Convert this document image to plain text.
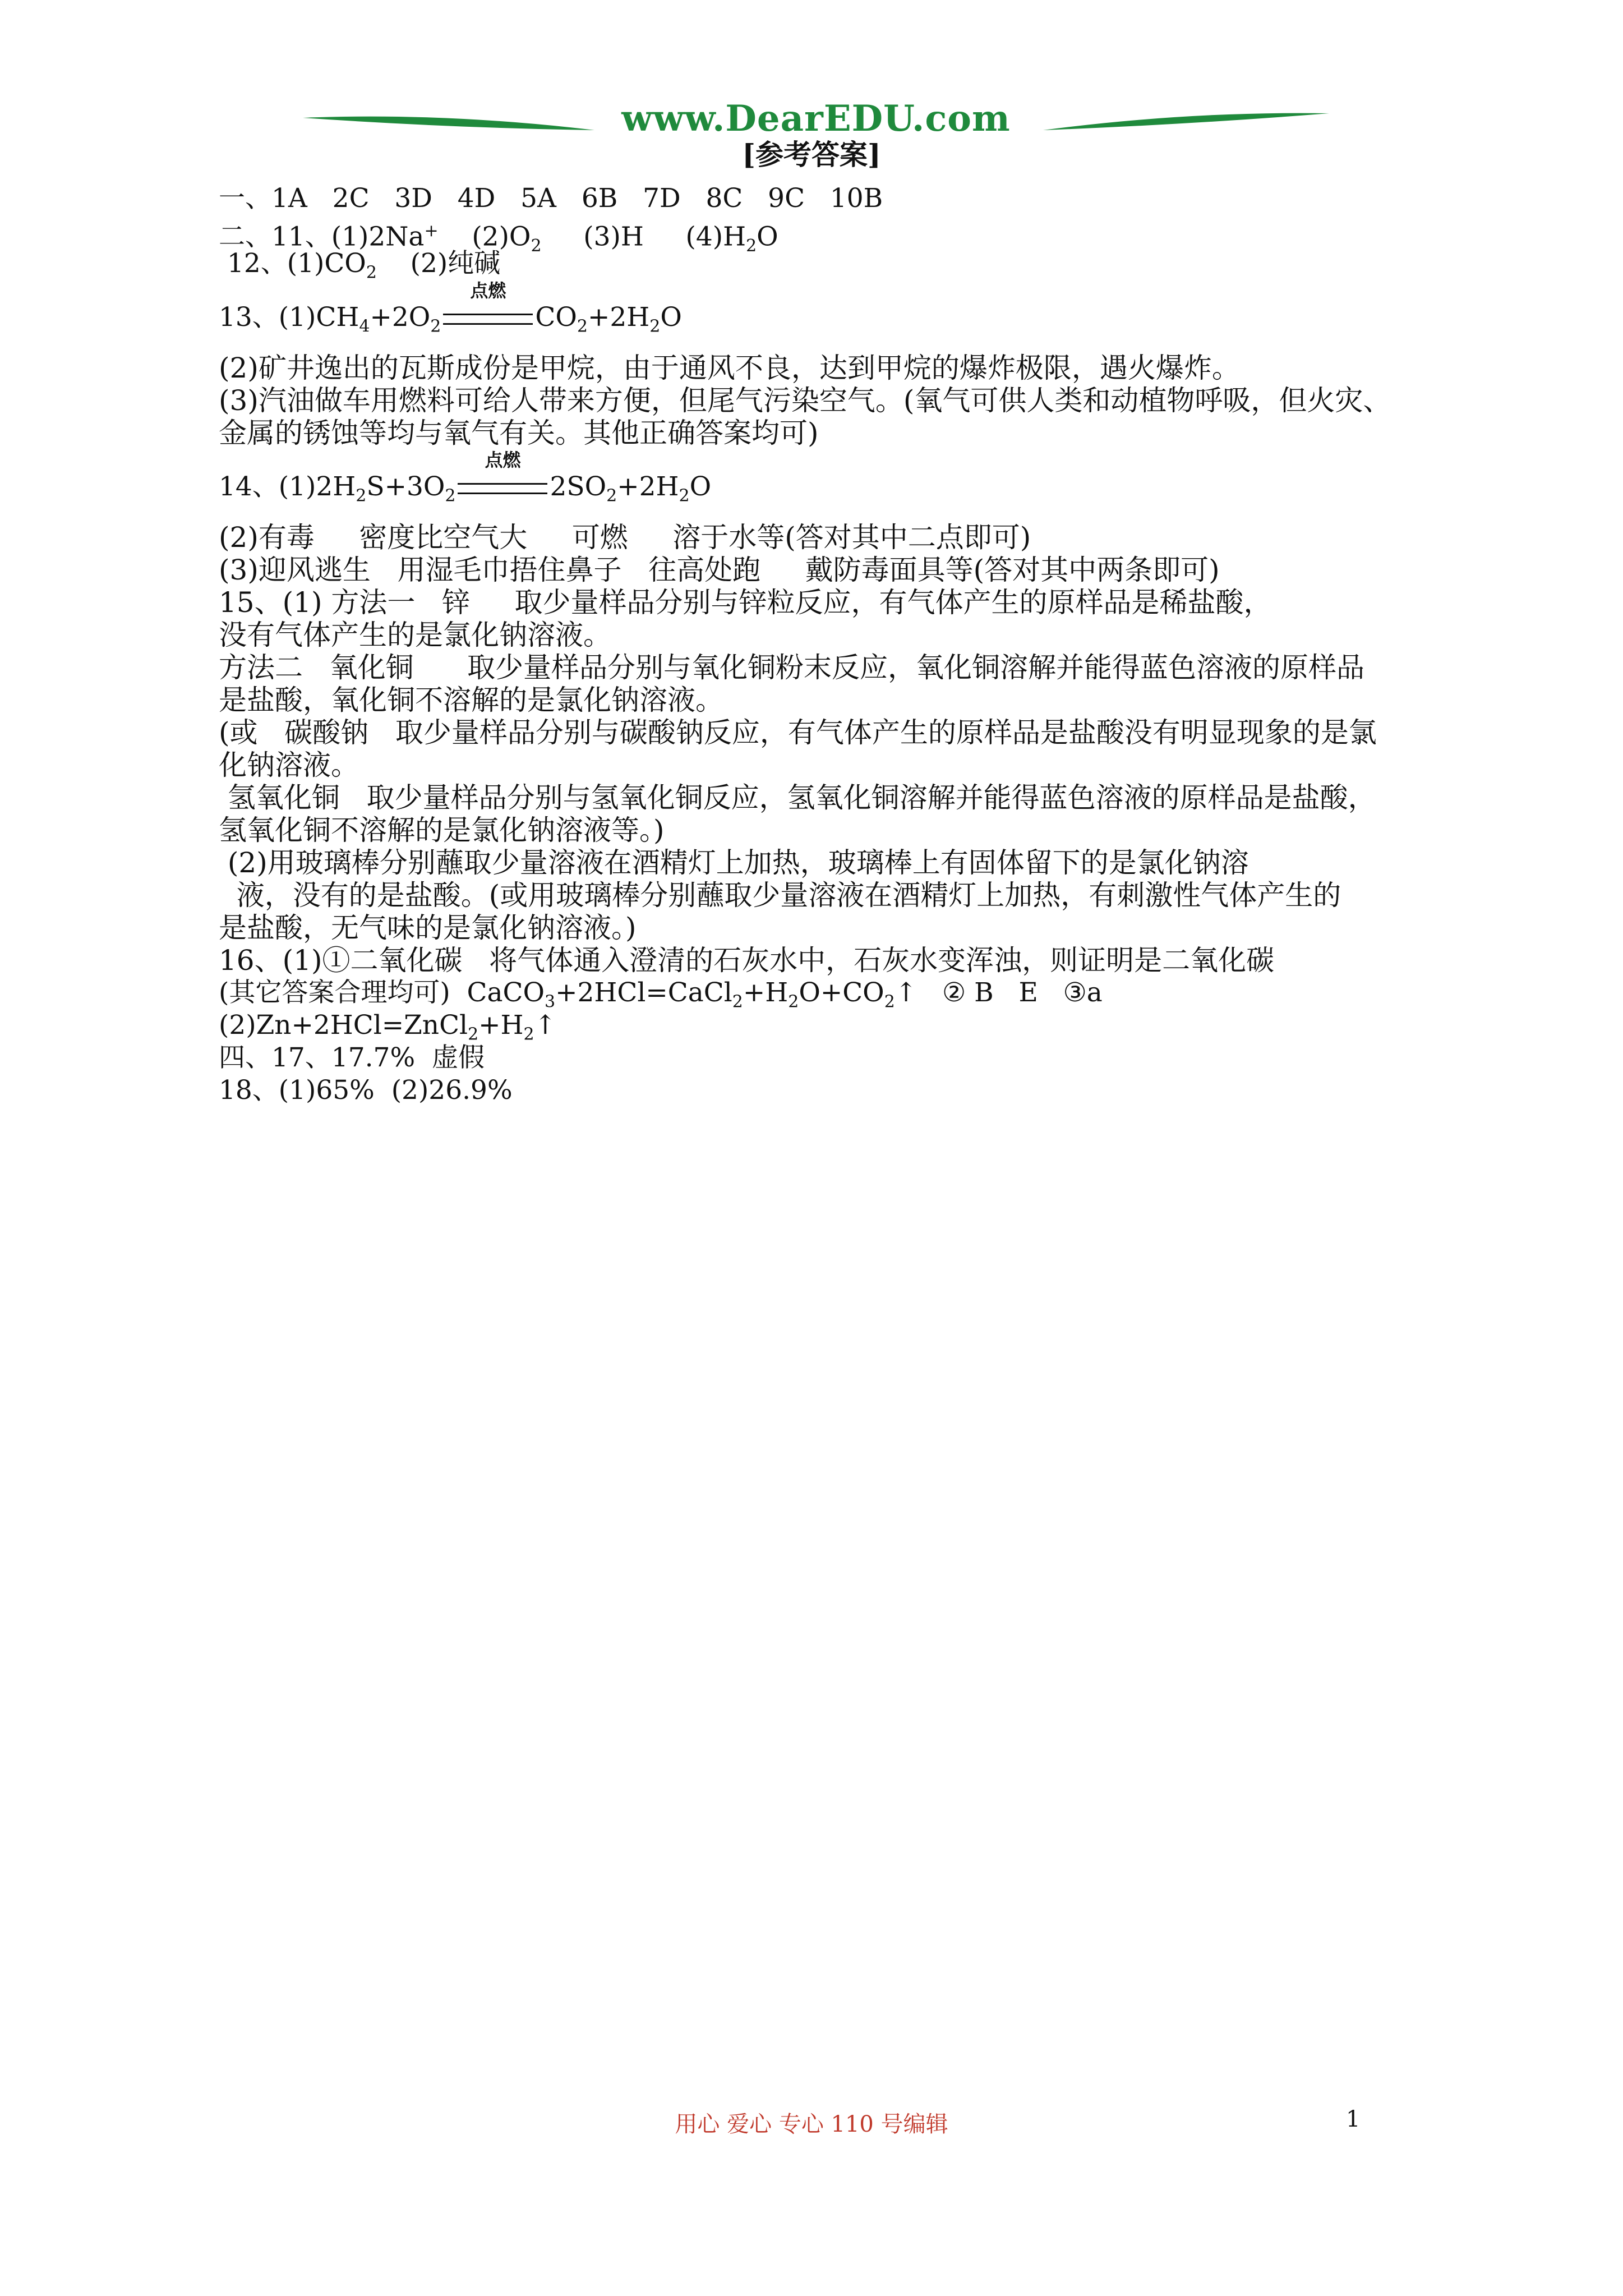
www.DearEDU.com
[参考答案]

一、1A   2C   3D   4D   5A   6B   7D   8C   9C   10B

二、11、(1)2Na+    $(2)O_2$     (3)H     $(4)H_2O$

12、$(1)CO_2$    (2)纯碱

13、$(1)CH_4+2O_2$
点燃
$CO_2+2H_2O$

(2)矿井逸出的瓦斯成份是甲烷，由于通风不良，达到甲烷的爆炸极限，遇火爆炸。

(3)汽油做车用燃料可给人带来方便，但尾气污染空气。(氧气可供人类和动植物呼吸，但火灾、

金属的锈蚀等均与氧气有关。其他正确答案均可)

14、$(1)2H_2S+3O_2$
点燃
$2SO_2+2H_2O$

(2)有毒     密度比空气大     可燃     溶于水等(答对其中二点即可)

(3)迎风逃生   用湿毛巾捂住鼻子   往高处跑     戴防毒面具等(答对其中两条即可)

15、(1) 方法一   锌     取少量样品分别与锌粒反应，有气体产生的原样品是稀盐酸，

没有气体产生的是氯化钠溶液。

方法二   氧化铜      取少量样品分别与氧化铜粉末反应，氧化铜溶解并能得蓝色溶液的原样品

是盐酸，氧化铜不溶解的是氯化钠溶液。

(或   碳酸钠   取少量样品分别与碳酸钠反应，有气体产生的原样品是盐酸没有明显现象的是氯

化钠溶液。

氢氧化铜   取少量样品分别与氢氧化铜反应，氢氧化铜溶解并能得蓝色溶液的原样品是盐酸，

氢氧化铜不溶解的是氯化钠溶液等。)

(2)用玻璃棒分别蘸取少量溶液在酒精灯上加热，玻璃棒上有固体留下的是氯化钠溶

液，没有的是盐酸。(或用玻璃棒分别蘸取少量溶液在酒精灯上加热，有刺激性气体产生的

是盐酸，无气味的是氯化钠溶液。)

16、(1)①二氧化碳   将气体通入澄清的石灰水中，石灰水变浑浊，则证明是二氧化碳

(其它答案合理均可)  $CaCO_3+2HCl=CaCl_2+H_2O+CO_2↑$   ② B   E   ③a

$(2)Zn+2HCl=ZnCl_2+H_2↑$

四、17、17.7%  虚假

18、(1)65%  (2)26.9%

用心 爱心 专心 110 号编辑	1
